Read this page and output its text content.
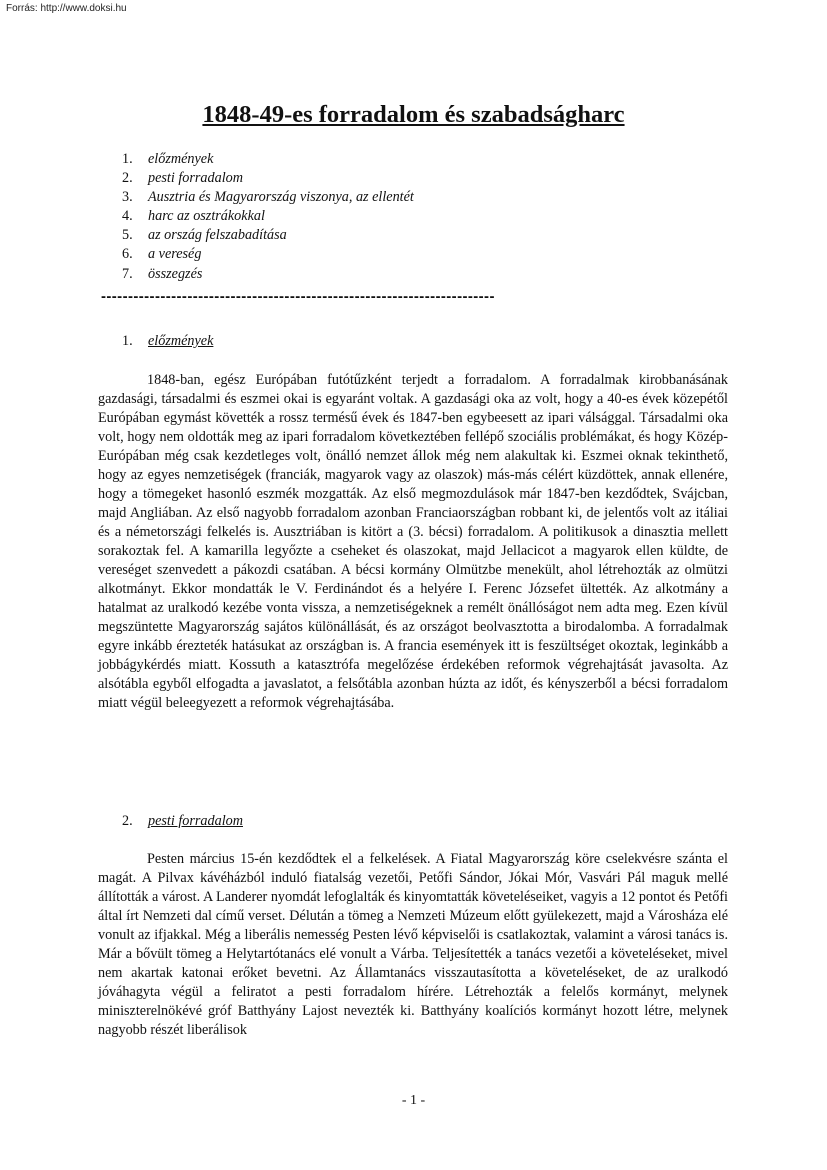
Forrás: http://www.doksi.hu
1848-49-es forradalom és szabadságharc
1.	előzmények
2.	pesti forradalom
3.	Ausztria és Magyarország viszonya, az ellentét
4.	harc az osztrákokkal
5.	az ország felszabadítása
6.	a vereség
7.	összegzés
-------------------------------------------------------------------------
1.	előzmények

1848-ban, egész Európában futótűzként terjedt a forradalom. A forradalmak kirobbanásának gazdasági, társadalmi és eszmei okai is egyaránt voltak. A gazdasági oka az volt, hogy a 40-es évek közepétől Európában egymást követték a rossz termésű évek és 1847-ben egybeesett az ipari válsággal. Társadalmi oka volt, hogy nem oldották meg az ipari forradalom következtében fellépő szociális problémákat, és hogy Közép-Európában még csak kezdetleges volt, önálló nemzet állok még nem alakultak ki. Eszmei oknak tekinthető, hogy az egyes nemzetiségek (franciák, magyarok vagy az olaszok) más-más célért küzdöttek, annak ellenére, hogy a tömegeket hasonló eszmék mozgatták. Az első megmozdulások már 1847-ben kezdődtek, Svájcban, majd Angliában. Az első nagyobb forradalom azonban Franciaországban robbant ki, de jelentős volt az itáliai és a németországi felkelés is. Ausztriában is kitört a (3. bécsi) forradalom. A politikusok a dinasztia mellett sorakoztak fel. A kamarilla legyőzte a cseheket és olaszokat, majd Jellacicot a magyarok ellen küldte, de vereséget szenvedett a pákozdi csatában. A bécsi kormány Olmützbe menekült, ahol létrehozták az olmützi alkotmányt. Ekkor mondatták le V. Ferdinándot és a helyére I. Ferenc Józsefet ültették. Az alkotmány a hatalmat az uralkodó kezébe vonta vissza, a nemzetiségeknek a remélt önállóságot nem adta meg. Ezen kívül megszüntette Magyarország sajátos különállását, és az országot beolvasztotta a birodalomba. A forradalmak egyre inkább érezteték hatásukat az országban is. A francia események itt is feszültséget okoztak, leginkább a jobbágykérdés miatt. Kossuth a katasztrófa megelőzése érdekében reformok végrehajtását javasolta. Az alsótábla egyből elfogadta a javaslatot, a felsőtábla azonban húzta az időt, és kényszerből a bécsi forradalom miatt végül beleegyezett a reformok végrehajtásába.

2.	pesti forradalom

Pesten március 15-én kezdődtek el a felkelések. A Fiatal Magyarország köre cselekvésre szánta el magát. A Pilvax kávéházból induló fiatalság vezetői, Petőfi Sándor, Jókai Mór, Vasvári Pál maguk mellé állították a várost. A Landerer nyomdát lefoglalták és kinyomtatták követeléseiket, vagyis a 12 pontot és Petőfi által írt Nemzeti dal című verset. Délután a tömeg a Nemzeti Múzeum előtt gyülekezett, majd a Városháza elé vonult az ifjakkal. Még a liberális nemesség Pesten lévő képviselői is csatlakoztak, valamint a városi tanács is. Már a bővült tömeg a Helytartótanács elé vonult a Várba. Teljesítették a tanács vezetői a követeléseket, mivel nem akartak katonai erőket bevetni. Az Államtanács visszautasította a követeléseket, de az uralkodó jóváhagyta végül a feliratot a pesti forradalom hírére. Létrehozták a felelős kormányt, melynek miniszterelnökévé gróf Batthyány Lajost nevezték ki. Batthyány koalíciós kormányt hozott létre, melynek nagyobb részét liberálisok

- 1 -
